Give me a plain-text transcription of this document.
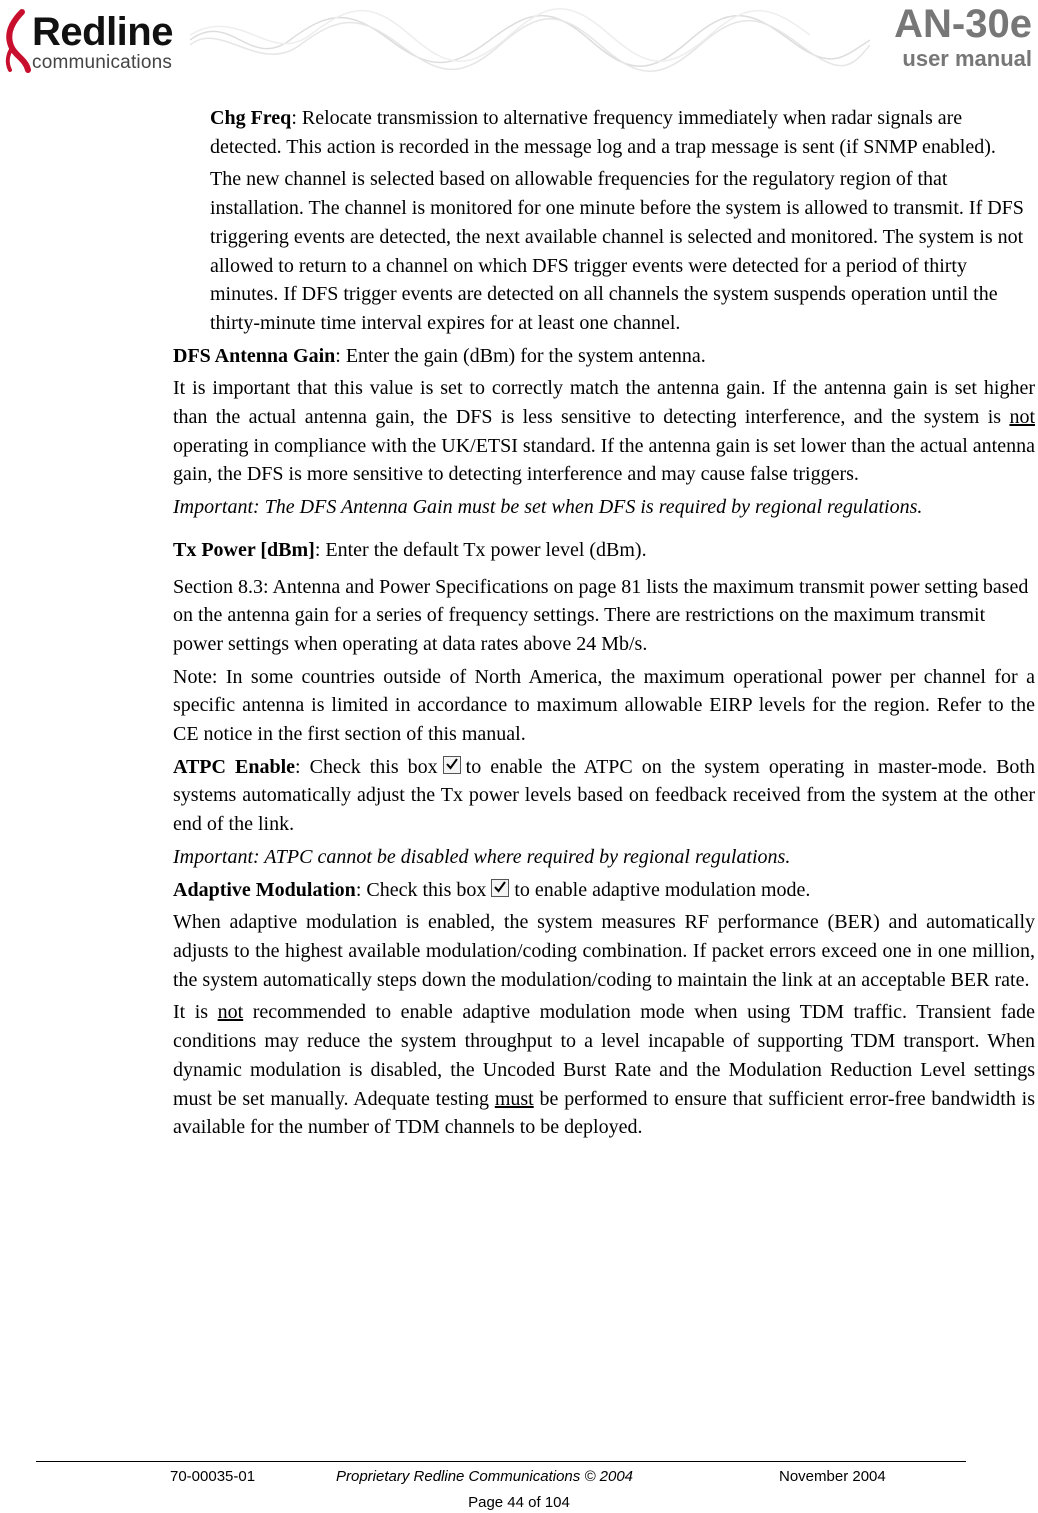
Redline
communications
AN-30e
user manual

Chg Freq: Relocate transmission to alternative frequency immediately when radar signals are detected. This action is recorded in the message log and a trap message is sent (if SNMP enabled).

The new channel is selected based on allowable frequencies for the regulatory region of that installation. The channel is monitored for one minute before the system is allowed to transmit. If DFS triggering events are detected, the next available channel is selected and monitored. The system is not allowed to return to a channel on which DFS trigger events were detected for a period of thirty minutes. If DFS trigger events are detected on all channels the system suspends operation until the thirty-minute time interval expires for at least one channel.

DFS Antenna Gain: Enter the gain (dBm) for the system antenna.

It is important that this value is set to correctly match the antenna gain. If the antenna gain is set higher than the actual antenna gain, the DFS is less sensitive to detecting interference, and the system is not operating in compliance with the UK/ETSI standard. If the antenna gain is set lower than the actual antenna gain, the DFS is more sensitive to detecting interference and may cause false triggers.

Important: The DFS Antenna Gain must be set when DFS is required by regional regulations.

Tx Power [dBm]: Enter the default Tx power level (dBm).

Section 8.3: Antenna and Power Specifications on page 81 lists the maximum transmit power setting based on the antenna gain for a series of frequency settings. There are restrictions on the maximum transmit power settings when operating at data rates above 24 Mb/s.

Note: In some countries outside of North America, the maximum operational power per channel for a specific antenna is limited in accordance to maximum allowable EIRP levels for the region. Refer to the CE notice in the first section of this manual.

ATPC Enable: Check this box to enable the ATPC on the system operating in master-mode. Both systems automatically adjust the Tx power levels based on feedback received from the system at the other end of the link.

Important: ATPC cannot be disabled where required by regional regulations.

Adaptive Modulation: Check this box to enable adaptive modulation mode.

When adaptive modulation is enabled, the system measures RF performance (BER) and automatically adjusts to the highest available modulation/coding combination. If packet errors exceed one in one million, the system automatically steps down the modulation/coding to maintain the link at an acceptable BER rate.

It is not recommended to enable adaptive modulation mode when using TDM traffic. Transient fade conditions may reduce the system throughput to a level incapable of supporting TDM transport. When dynamic modulation is disabled, the Uncoded Burst Rate and the Modulation Reduction Level settings must be set manually. Adequate testing must be performed to ensure that sufficient error-free bandwidth is available for the number of TDM channels to be deployed.

70-00035-01	Proprietary Redline Communications © 2004	November 2004
Page 44 of 104
